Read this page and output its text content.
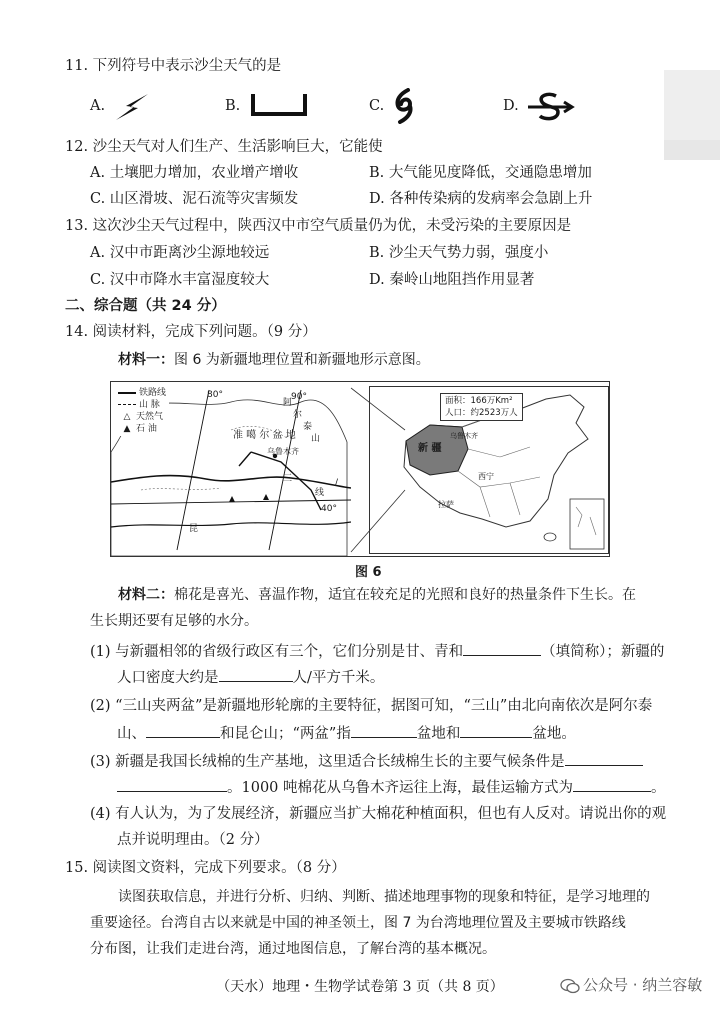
11. 下列符号中表示沙尘天气的是
A.	B.	C.	D.
12. 沙尘天气对人们生产、生活影响巨大，它能使
A. 土壤肥力增加，农业增产增收	B. 大气能见度降低，交通隐患增加
C. 山区滑坡、泥石流等灾害频发	D. 各种传染病的发病率会急剧上升
13. 这次沙尘天气过程中，陕西汉中市空气质量仍为优，未受污染的主要原因是
A. 汉中市距离沙尘源地较远	B. 沙尘天气势力弱，强度小
C. 汉中市降水丰富湿度较大	D. 秦岭山地阻挡作用显著
二、综合题（共 24 分）
14. 阅读材料，完成下列问题。（9 分）
材料一：图 6 为新疆地理位置和新疆地形示意图。
铁路线
山 脉
△ 天然气
▲ 石 油
80°	90°
40°
准 噶 尔 盆 地
乌鲁木齐
阿
尔
泰
山
三
线
昆
/
面积：166万Km²
人口：约2523万人
新 疆
乌鲁木齐
西宁
拉萨
图 6
材料二：棉花是喜光、喜温作物，适宜在较充足的光照和良好的热量条件下生长。在
生长期还要有足够的水分。
(1) 与新疆相邻的省级行政区有三个，它们分别是甘、青和	（填简称）；新疆的
人口密度大约是	人/平方千米。
(2) “三山夹两盆”是新疆地形轮廓的主要特征，据图可知，“三山”由北向南依次是阿尔泰
山、	和昆仑山；“两盆”指	盆地和	盆地。
(3) 新疆是我国长绒棉的生产基地，这里适合长绒棉生长的主要气候条件是
。1000 吨棉花从乌鲁木齐运往上海，最佳运输方式为	。
(4) 有人认为，为了发展经济，新疆应当扩大棉花种植面积，但也有人反对。请说出你的观
点并说明理由。（2 分）
15. 阅读图文资料，完成下列要求。（8 分）
读图获取信息，并进行分析、归纳、判断、描述地理事物的现象和特征，是学习地理的
重要途径。台湾自古以来就是中国的神圣领土，图 7 为台湾地理位置及主要城市铁路线
分布图，让我们走进台湾，通过地图信息，了解台湾的基本概况。
（天水）地理・生物学试卷第 3 页（共 8 页）	公众号 · 纳兰容敏
